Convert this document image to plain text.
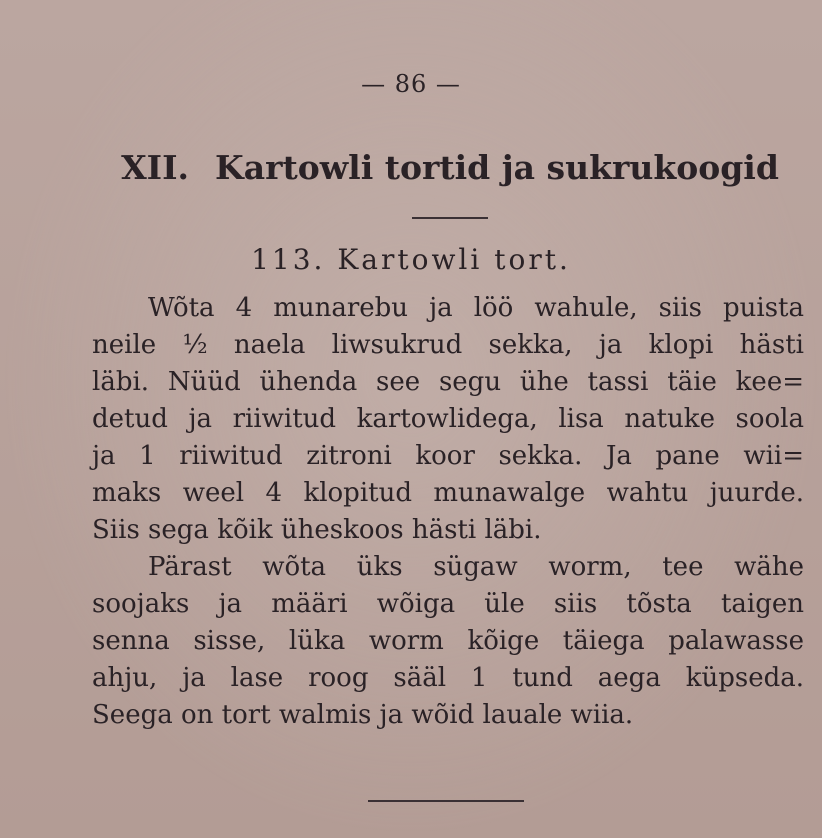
— 86 —
XII. Kartowli tortid ja sukrukoogid
113. Kartowli tort.
Wõta 4 munarebu ja löö wahule, siis puista
neile ½ naela liwsukrud sekka, ja klopi hästi
läbi. Nüüd ühenda see segu ühe tassi täie kee=
detud ja riiwitud kartowlidega, lisa natuke soola
ja 1 riiwitud zitroni koor sekka. Ja pane wii=
maks weel 4 klopitud munawalge wahtu juurde.
Siis sega kõik üheskoos hästi läbi.
Pärast wõta üks sügaw worm, tee wähe
soojaks ja määri wõiga üle siis tõsta taigen
senna sisse, lüka worm kõige täiega palawasse
ahju, ja lase roog sääl 1 tund aega küpseda.
Seega on tort walmis ja wõid lauale wiia.
